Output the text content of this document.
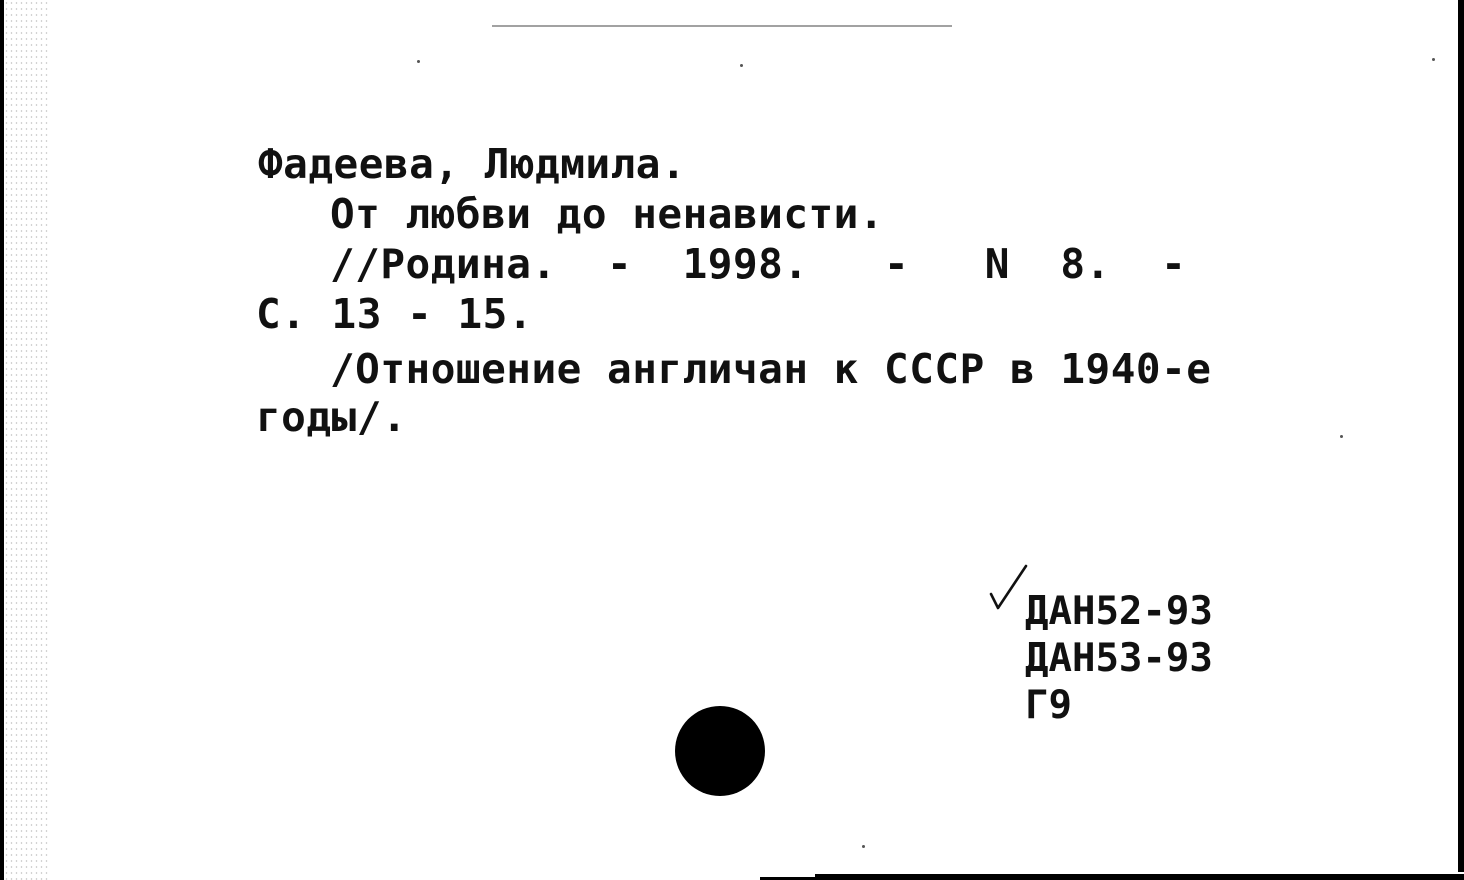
Фадеева, Людмила.

От любви до ненависти.

//Родина.  -  1998.   -   N  8.  -

С. 13 - 15.

/Отношение англичан к СССР в 1940-е

годы/.

ДАН52-93
ДАН53-93
Г9
